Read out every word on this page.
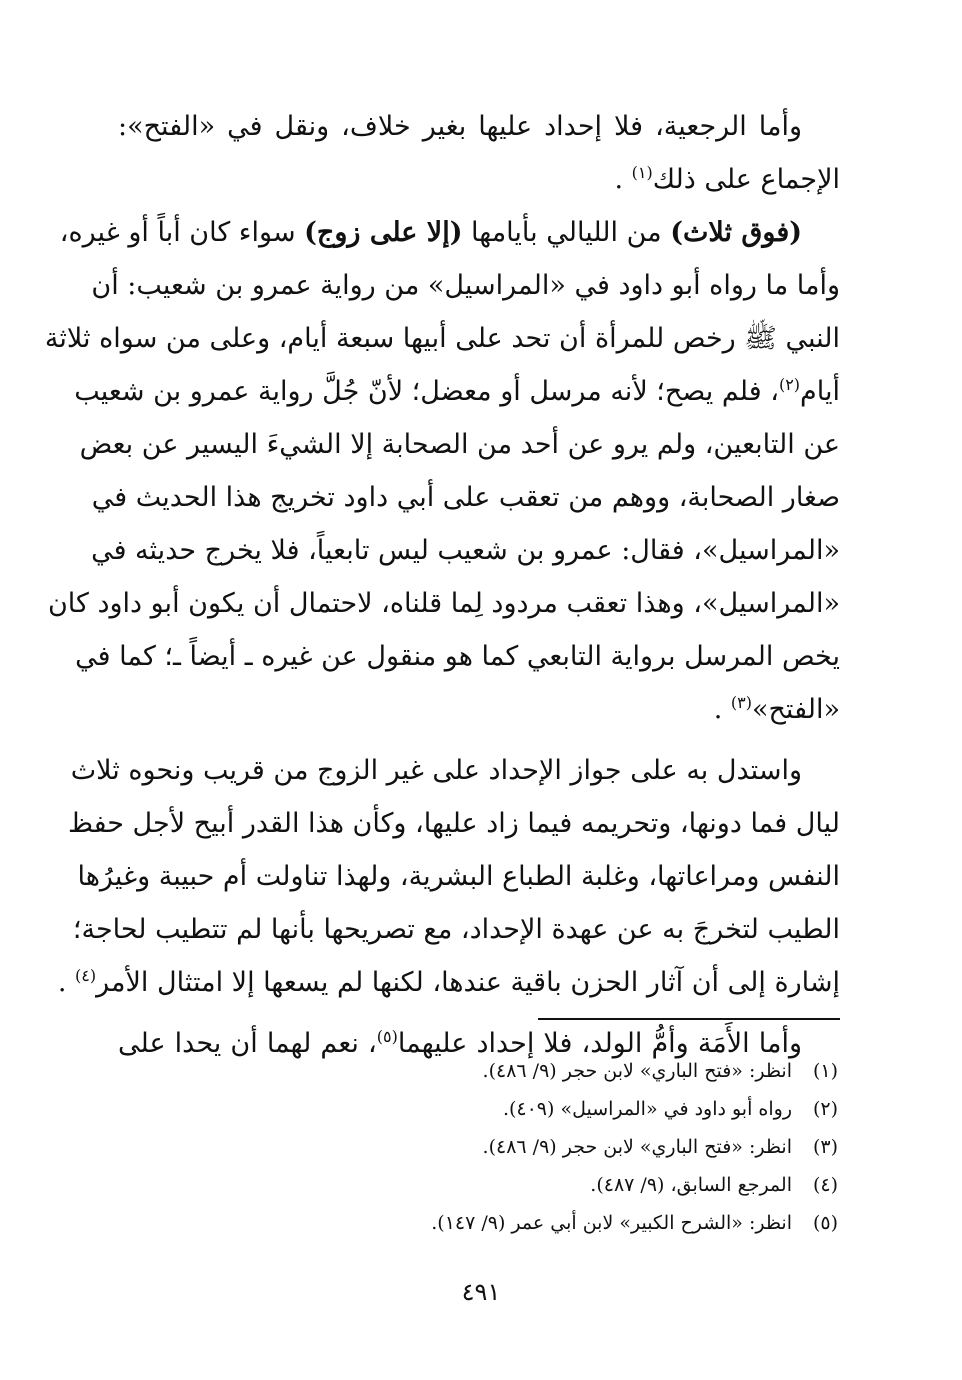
وأما الرجعية، فلا إحداد عليها بغير خلاف، ونقل في «الفتح»:
الإجماع على ذلك$^{(١)}$ .
(فوق ثلاث) من الليالي بأيامها (إلا على زوج) سواء كان أباً أو غيره،
وأما ما رواه أبو داود في «المراسيل» من رواية عمرو بن شعيب: أن
النبي ﷺ رخص للمرأة أن تحد على أبيها سبعة أيام، وعلى من سواه ثلاثة
أيام$^{(٢)}$، فلم يصح؛ لأنه مرسل أو معضل؛ لأنّ جُلَّ رواية عمرو بن شعيب
عن التابعين، ولم يرو عن أحد من الصحابة إلا الشيءَ اليسير عن بعض
صغار الصحابة، ووهم من تعقب على أبي داود تخريج هذا الحديث في
«المراسيل»، فقال: عمرو بن شعيب ليس تابعياً، فلا يخرج حديثه في
«المراسيل»، وهذا تعقب مردود لِما قلناه، لاحتمال أن يكون أبو داود كان
يخص المرسل برواية التابعي كما هو منقول عن غيره ـ أيضاً ـ؛ كما في
«الفتح»$^{(٣)}$ .
واستدل به على جواز الإحداد على غير الزوج من قريب ونحوه ثلاث
ليال فما دونها، وتحريمه فيما زاد عليها، وكأن هذا القدر أبيح لأجل حفظ
النفس ومراعاتها، وغلبة الطباع البشرية، ولهذا تناولت أم حبيبة وغيرُها
الطيب لتخرجَ به عن عهدة الإحداد، مع تصريحها بأنها لم تتطيب لحاجة؛
إشارة إلى أن آثار الحزن باقية عندها، لكنها لم يسعها إلا امتثال الأمر$^{(٤)}$ .
وأما الأَمَة وأمُّ الولد، فلا إحداد عليهما$^{(٥)}$، نعم لهما أن يحدا على
(١)انظر: «فتح الباري» لابن حجر (٩/ ٤٨٦).
(٢)رواه أبو داود في «المراسيل» (٤٠٩).
(٣)انظر: «فتح الباري» لابن حجر (٩/ ٤٨٦).
(٤)المرجع السابق، (٩/ ٤٨٧).
(٥)انظر: «الشرح الكبير» لابن أبي عمر (٩/ ١٤٧).
٤٩١
